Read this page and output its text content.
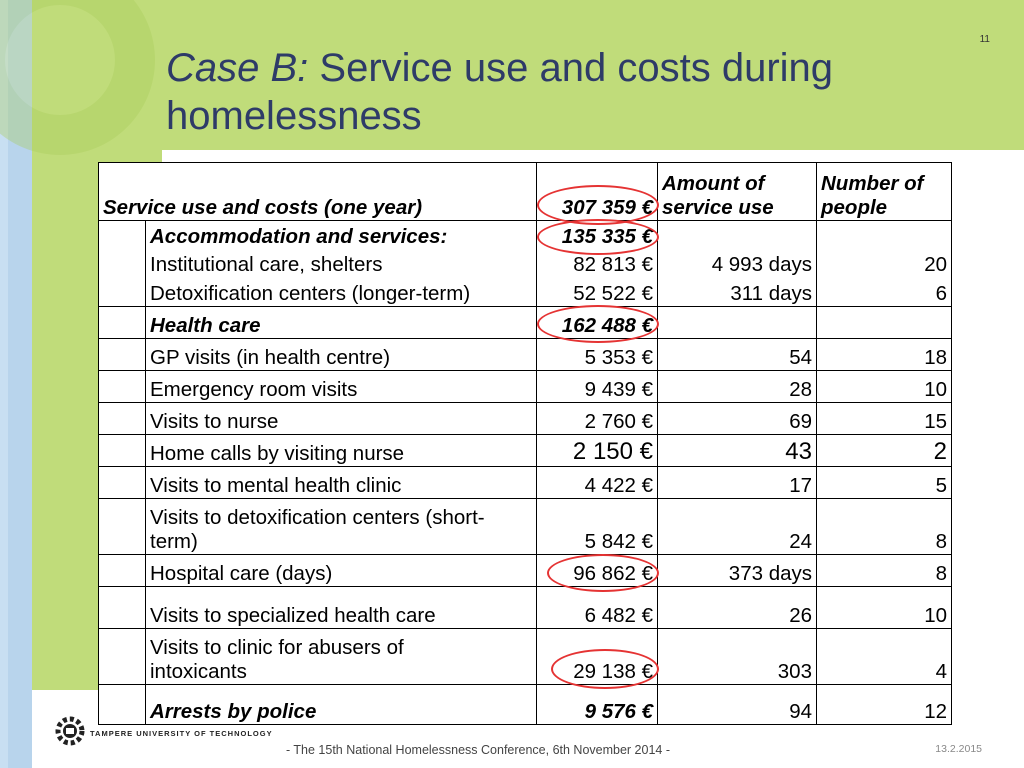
11
Case B: Service use and costs during homelessness
Service use and costs (one year)		307 359 €	Amount of service use	Number of people
	Accommodation and services:	135 335 €		
	Institutional care, shelters	82 813 €	4 993 days	20
	Detoxification centers (longer-term)	52 522 €	311 days	6
	Health care	162 488 €		
	GP visits (in health centre)	5 353 €	54	18
	Emergency room visits	9 439 €	28	10
	Visits to nurse	2 760 €	69	15
	Home calls by visiting nurse	2 150 €	43	2
	Visits to mental health clinic	4 422 €	17	5

	Visits to detoxification centers (short-
term)	5 842 €	24	8
	Hospital care (days)	96 862 €	373 days	8
	Visits to specialized health care	6 482 €	26	10

	Visits to clinic for abusers of
intoxicants	29 138 €	303	4
	Arrests by police	9 576 €	94	12
TAMPERE UNIVERSITY OF TECHNOLOGY
- The 15th National Homelessness Conference, 6th November 2014 -	13.2.2015
